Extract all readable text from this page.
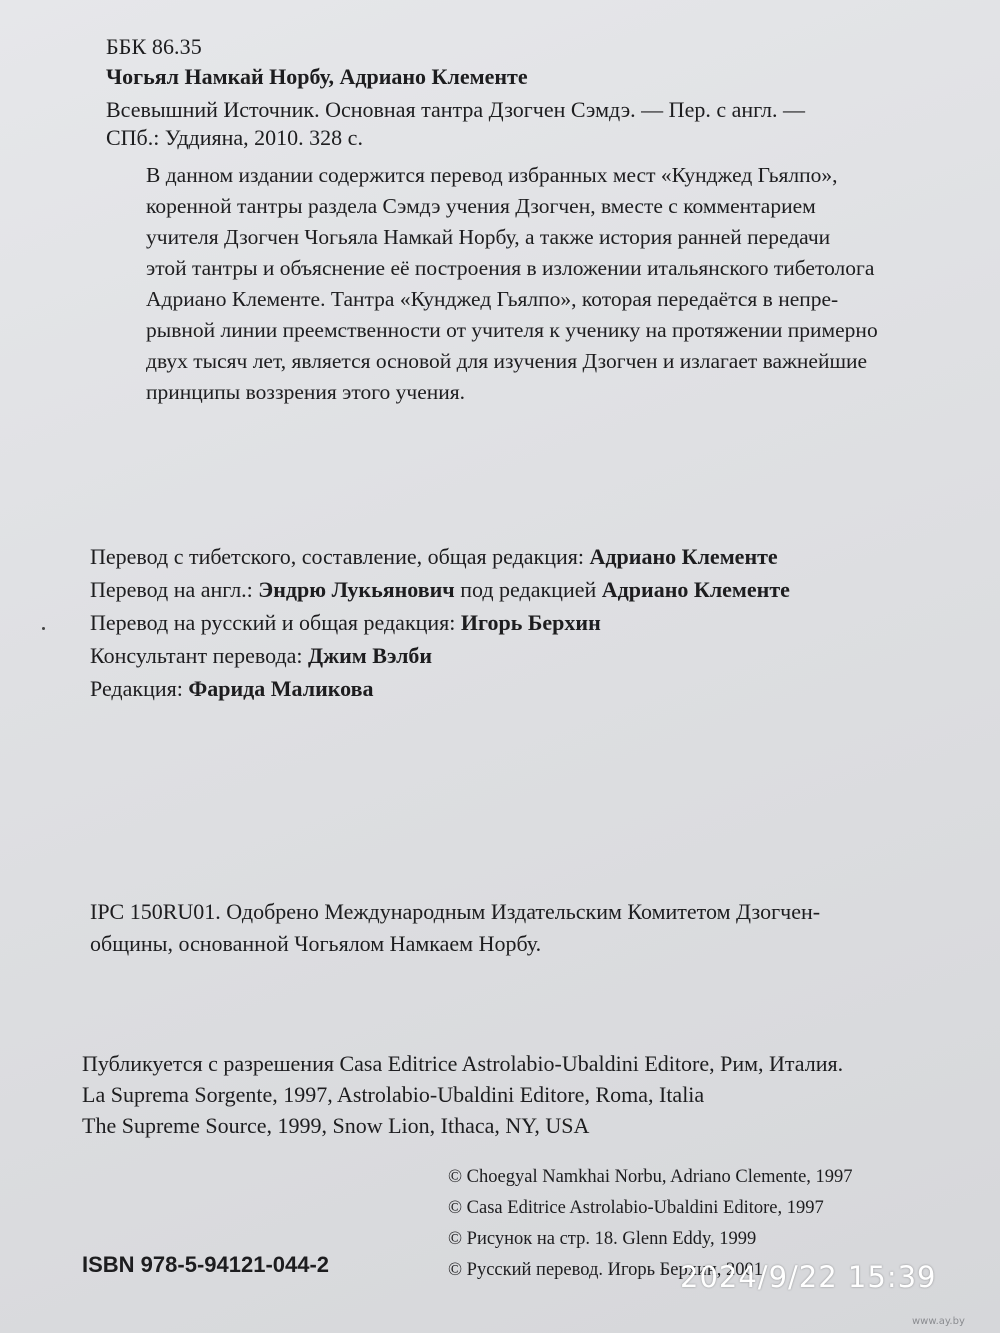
ББК 86.35
Чогьял Намкай Норбу, Адриано Клементе
Всевышний Источник. Основная тантра Дзогчен Сэмдэ. — Пер. с англ. —
СПб.: Уддияна, 2010. 328 с.
В данном издании содержится перевод избранных мест «Кунджед Гьялпо»,
коренной тантры раздела Сэмдэ учения Дзогчен, вместе с комментарием
учителя Дзогчен Чогьяла Намкай Норбу, а также история ранней передачи
этой тантры и объяснение её построения в изложении итальянского тибетолога
Адриано Клементе. Тантра «Кунджед Гьялпо», которая передаётся в непре-
рывной линии преемственности от учителя к ученику на протяжении примерно
двух тысяч лет, является основой для изучения Дзогчен и излагает важнейшие
принципы воззрения этого учения.
Перевод с тибетского, составление, общая редакция: Адриано Клементе
Перевод на англ.: Эндрю Лукьянович под редакцией Адриано Клементе
Перевод на русский и общая редакция: Игорь Берхин
Консультант перевода: Джим Вэлби
Редакция: Фарида Маликова
IPC 150RU01. Одобрено Международным Издательским Комитетом Дзогчен-
общины, основанной Чогьялом Намкаем Норбу.
Публикуется с разрешения Casa Editrice Astrolabio-Ubaldini Editore, Рим, Италия.
La Suprema Sorgente, 1997, Astrolabio-Ubaldini Editore, Roma, Italia
The Supreme Source, 1999, Snow Lion, Ithaca, NY, USA
© Choegyal Namkhai Norbu, Adriano Clemente, 1997
© Casa Editrice Astrolabio-Ubaldini Editore, 1997
© Рисунок на стр. 18. Glenn Eddy, 1999
© Русский перевод. Игорь Берхин, 2001
ISBN 978-5-94121-044-2	2024/9/22 15:39
www.ay.by
